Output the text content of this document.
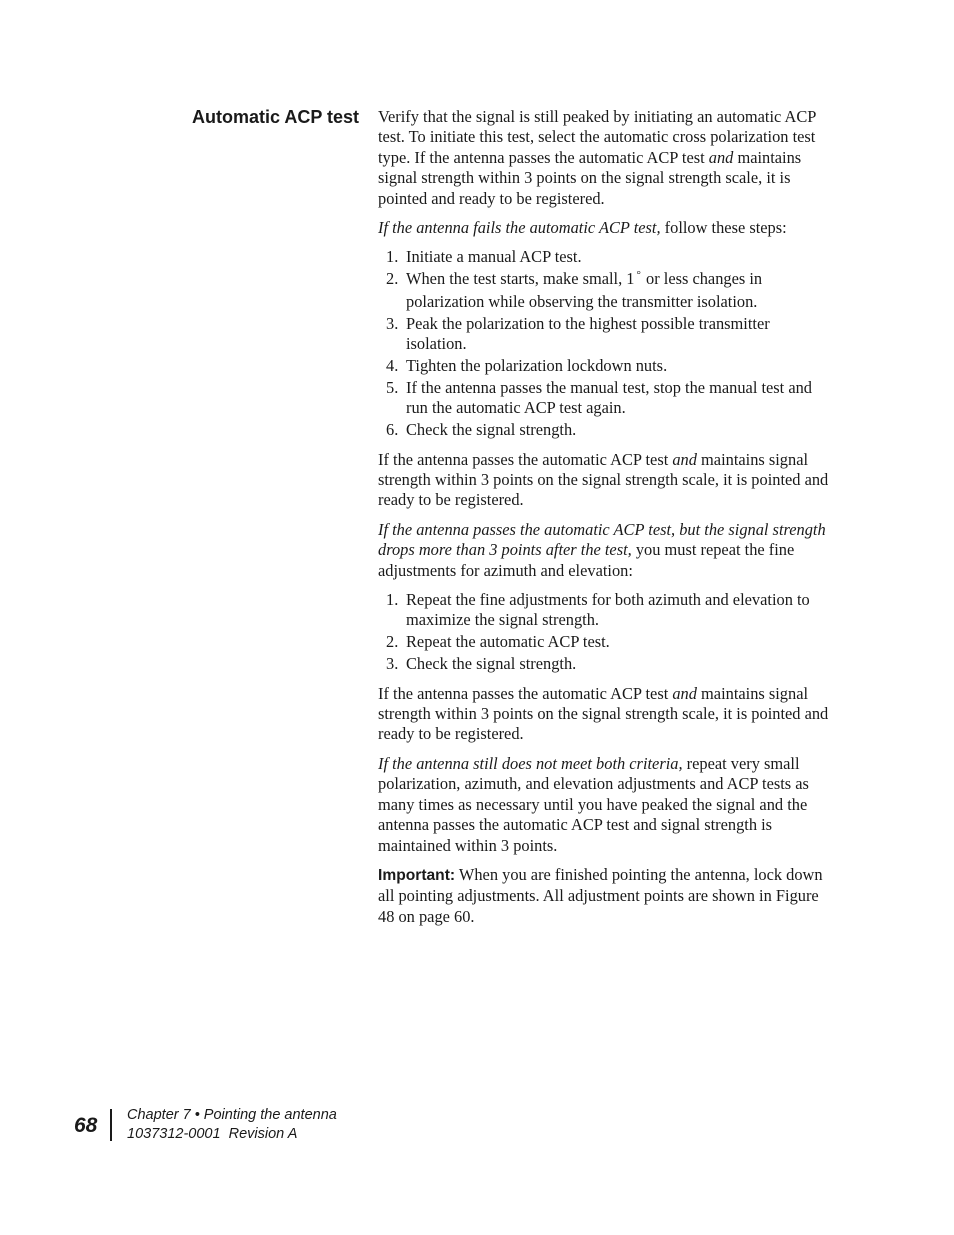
Automatic ACP test Verify that the signal is still peaked by initiating an automatic ACP test. To initiate this test, select the automatic cross polarization test type. If the antenna passes the automatic ACP test and maintains signal strength within 3 points on the signal strength scale, it is pointed and ready to be registered.

If the antenna fails the automatic ACP test, follow these steps:

1. Initiate a manual ACP test.
2. When the test starts, make small, 1 ° or less changes in polarization while observing the transmitter isolation.
3. Peak the polarization to the highest possible transmitter isolation.
4. Tighten the polarization lockdown nuts.
5. If the antenna passes the manual test, stop the manual test and run the automatic ACP test again.
6. Check the signal strength.

If the antenna passes the automatic ACP test and maintains signal strength within 3 points on the signal strength scale, it is pointed and ready to be registered.

If the antenna passes the automatic ACP test, but the signal strength drops more than 3 points after the test, you must repeat the fine adjustments for azimuth and elevation:

1. Repeat the fine adjustments for both azimuth and elevation to maximize the signal strength.
2. Repeat the automatic ACP test.
3. Check the signal strength.

If the antenna passes the automatic ACP test and maintains signal strength within 3 points on the signal strength scale, it is pointed and ready to be registered.

If the antenna still does not meet both criteria, repeat very small polarization, azimuth, and elevation adjustments and ACP tests as many times as necessary until you have peaked the signal and the antenna passes the automatic ACP test and signal strength is maintained within 3 points.

Important: When you are finished pointing the antenna, lock down all pointing adjustments. All adjustment points are shown in Figure 48 on page 60.

68 Chapter 7 • Pointing the antenna
1037312-0001  Revision A
